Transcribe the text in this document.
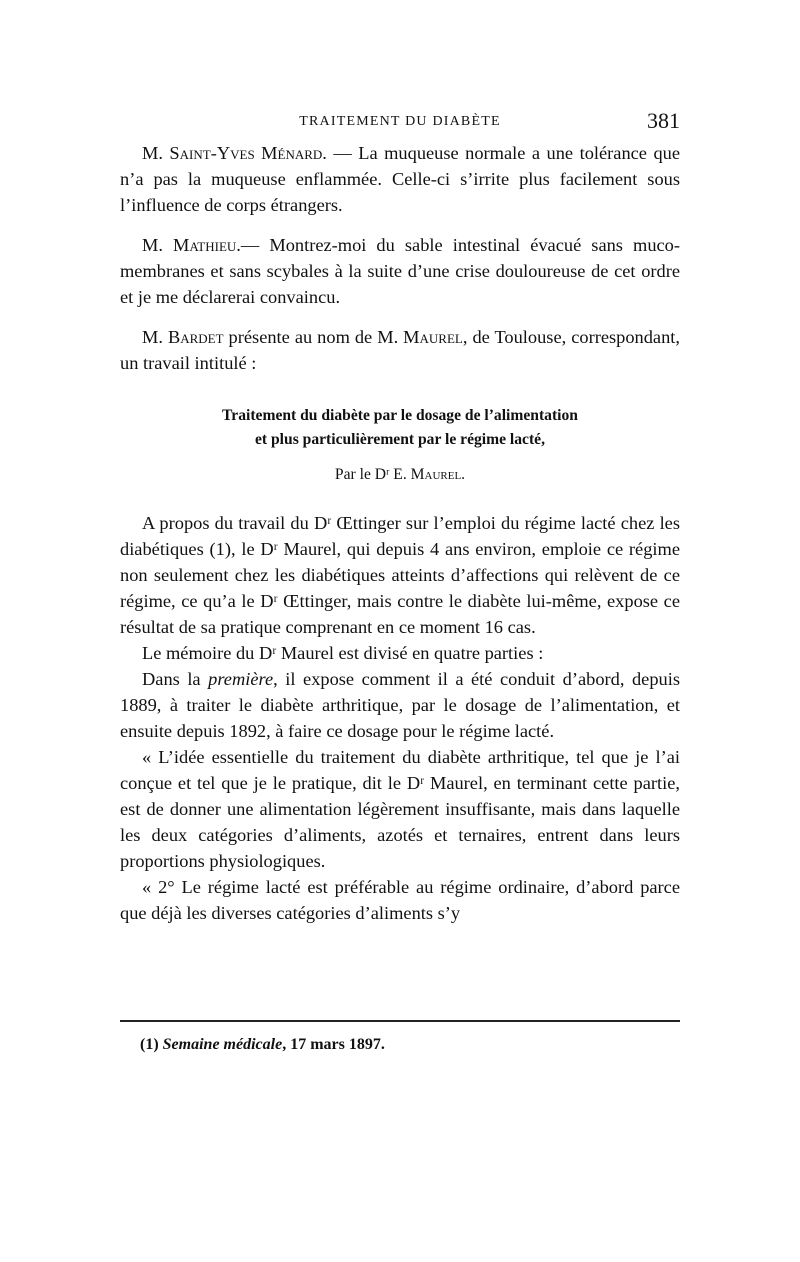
TRAITEMENT DU DIABÈTE	381

M. Saint-Yves Ménard. — La muqueuse normale a une tolérance que n’a pas la muqueuse enflammée. Celle-ci s’irrite plus facilement sous l’influence de corps étrangers.

M. Mathieu.— Montrez-moi du sable intestinal évacué sans muco-membranes et sans scybales à la suite d’une crise douloureuse de cet ordre et je me déclarerai convaincu.

M. Bardet présente au nom de M. Maurel, de Toulouse, correspondant, un travail intitulé :

Traitement du diabète par le dosage de l’alimentation
et plus particulièrement par le régime lacté,

Par le Dʳ E. Maurel.

A propos du travail du Dʳ Œttinger sur l’emploi du régime lacté chez les diabétiques (1), le Dʳ Maurel, qui depuis 4 ans environ, emploie ce régime non seulement chez les diabétiques atteints d’affections qui relèvent de ce régime, ce qu’a le Dʳ Œttinger, mais contre le diabète lui-même, expose ce résultat de sa pratique comprenant en ce moment 16 cas.

Le mémoire du Dʳ Maurel est divisé en quatre parties :

Dans la première, il expose comment il a été conduit d’abord, depuis 1889, à traiter le diabète arthritique, par le dosage de l’alimentation, et ensuite depuis 1892, à faire ce dosage pour le régime lacté.

« L’idée essentielle du traitement du diabète arthritique, tel que je l’ai conçue et tel que je le pratique, dit le Dʳ Maurel, en terminant cette partie, est de donner une alimentation légèrement insuffisante, mais dans laquelle les deux catégories d’aliments, azotés et ternaires, entrent dans leurs proportions physiologiques.

« 2° Le régime lacté est préférable au régime ordinaire, d’abord parce que déjà les diverses catégories d’aliments s’y

(1) Semaine médicale, 17 mars 1897.
